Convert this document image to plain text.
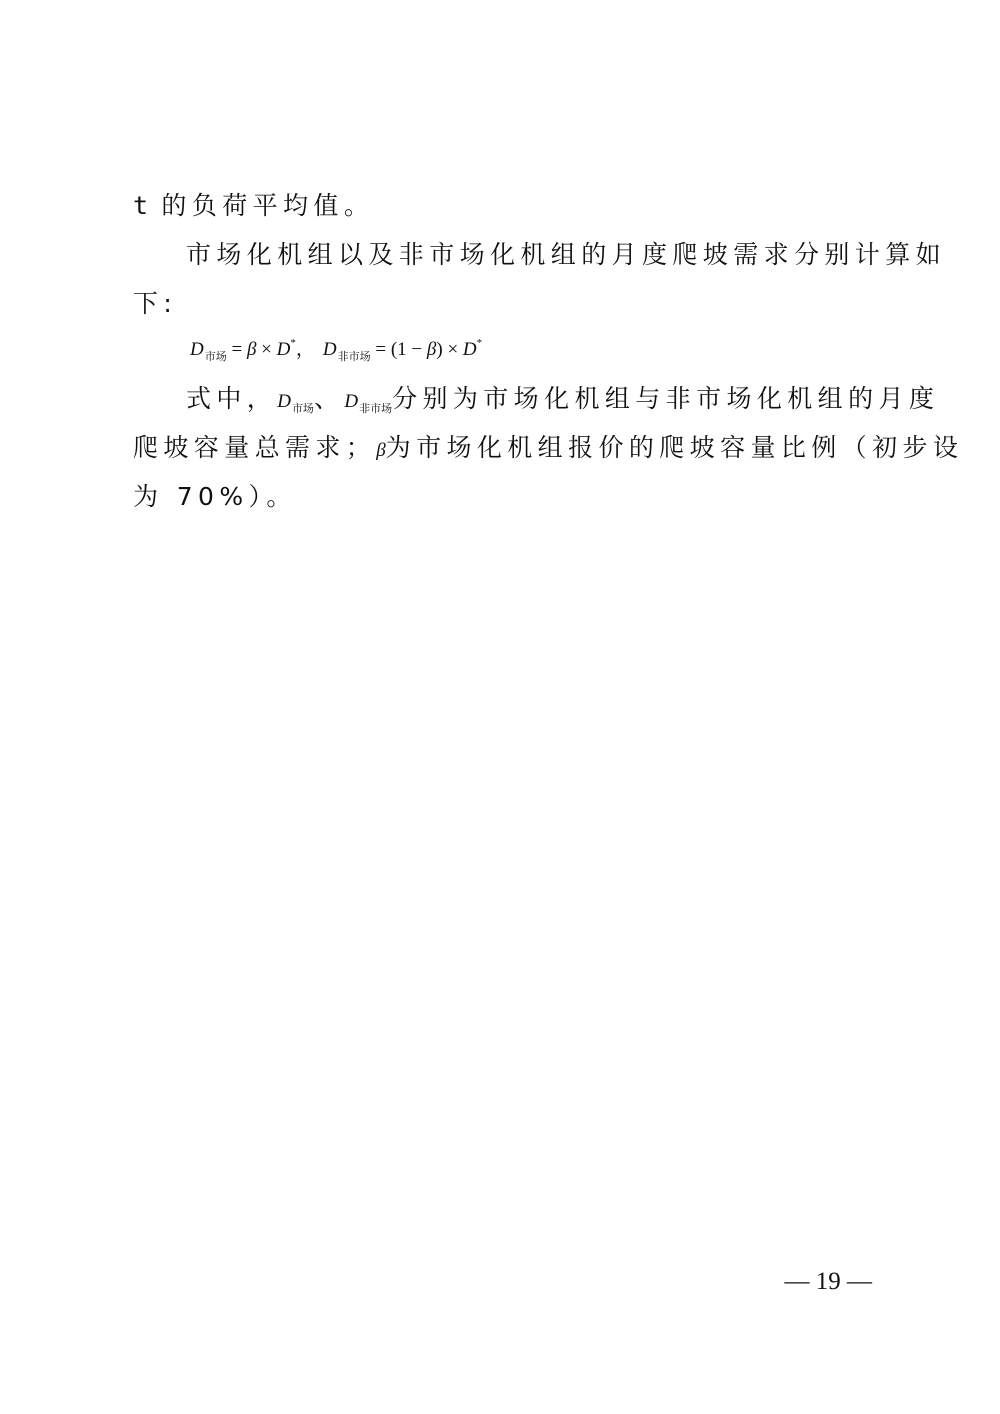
t 的负荷平均值。
市场化机组以及非市场化机组的月度爬坡需求分别计算如
下:
$D_{市场} = \beta \times D^*$， $D_{非市场} = (1 - \beta) \times D^*$
式中，$D_{市场}$、$D_{非市场}$分别为市场化机组与非市场化机组的月度
爬坡容量总需求；β为市场化机组报价的爬坡容量比例（初步设
为 70%）。
— 19 —
